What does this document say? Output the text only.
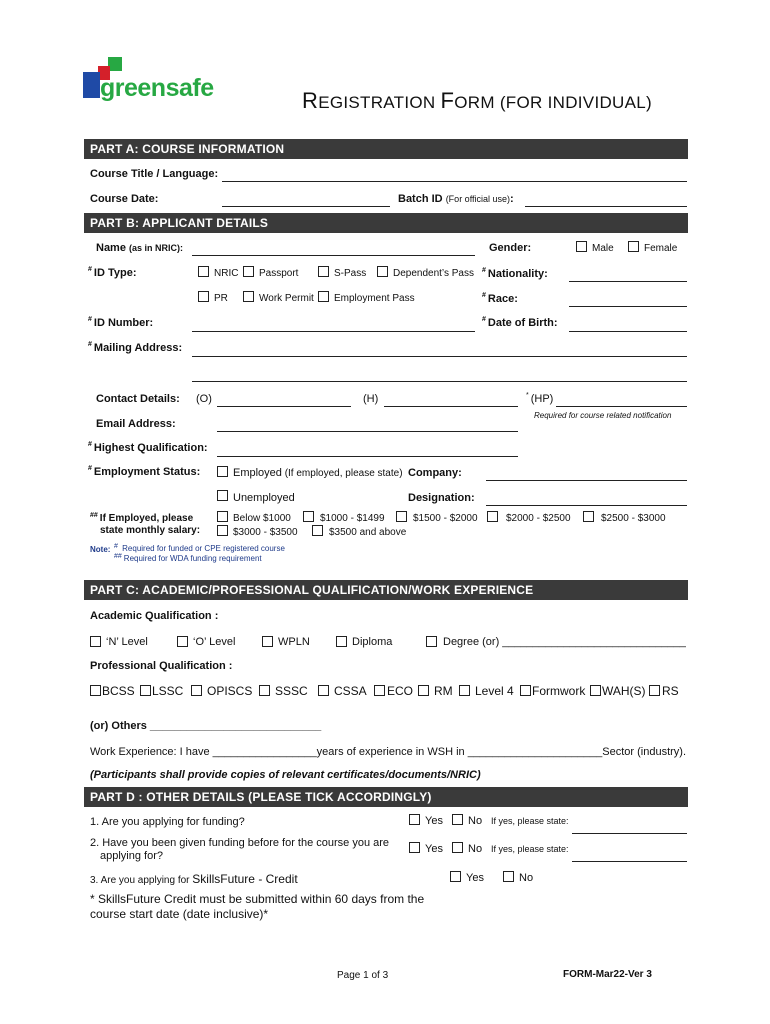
greensafe	REGISTRATION FORM (FOR INDIVIDUAL)
PART A: COURSE INFORMATION
Course Title / Language:
Course Date:	Batch ID (For official use):
PART B: APPLICANT DETAILS
Name (as in NRIC):	Gender:	Male	Female
# ID Type:	NRIC Passport	S-Pass	Dependent’s Pass # Nationality:
PR	Work Permit Employment Pass	# Race:
# ID Number:	# Date of Birth:
# Mailing Address:
Contact Details: (O)	(H)	* (HP)
Required for course related notification
Email Address:
# Highest Qualification:
# Employment Status:	Employed (If employed, please state) Company:
Unemployed	Designation:
## If Employed, please
state monthly salary:
Below $1000	$1000 - $1499	$1500 - $2000	$2000 - $2500	$2500 - $3000
$3000 - $3500	$3500 and above
Note: # Required for funded or CPE registered course
## Required for WDA funding requirement
PART C: ACADEMIC/PROFESSIONAL QUALIFICATION/WORK EXPERIENCE
Academic Qualification :
‘N’ Level	‘O’ Level	WPLN	Diploma	Degree (or) ______________________________
Professional Qualification :
BCSS LSSC OPISCS SSSC CSSA ECO RM Level 4 Formwork WAH(S) RS
(or) Others ____________________________
Work Experience: I have _________________years of experience in WSH in ______________________Sector (industry).
(Participants shall provide copies of relevant certificates/documents/NRIC)
PART D : OTHER DETAILS (PLEASE TICK ACCORDINGLY)
1. Are you applying for funding?	Yes No If yes, please state:
2. Have you been given funding before for the course you are
applying for?
Yes No If yes, please state:
3. Are you applying for SkillsFuture - Credit	Yes	No
* SkillsFuture Credit must be submitted within 60 days from the
course start date (date inclusive)*
Page 1 of 3	FORM-Mar22-Ver 3
